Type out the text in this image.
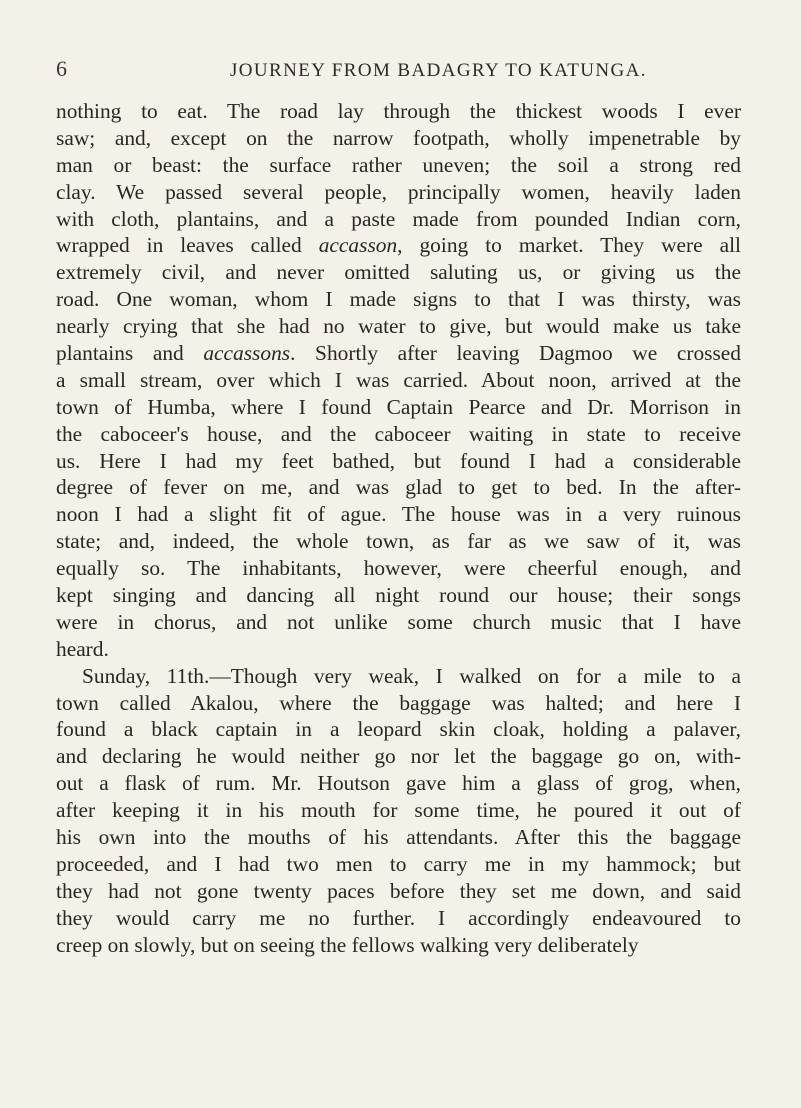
6	JOURNEY FROM BADAGRY TO KATUNGA.
nothing to eat. The road lay through the thickest woods I ever
saw; and, except on the narrow footpath, wholly impenetrable by
man or beast: the surface rather uneven; the soil a strong red
clay. We passed several people, principally women, heavily laden
with cloth, plantains, and a paste made from pounded Indian corn,
wrapped in leaves called accasson, going to market. They were all
extremely civil, and never omitted saluting us, or giving us the
road. One woman, whom I made signs to that I was thirsty, was
nearly crying that she had no water to give, but would make us take
plantains and accassons. Shortly after leaving Dagmoo we crossed
a small stream, over which I was carried. About noon, arrived at the
town of Humba, where I found Captain Pearce and Dr. Morrison in
the caboceer's house, and the caboceer waiting in state to receive
us. Here I had my feet bathed, but found I had a considerable
degree of fever on me, and was glad to get to bed. In the after-
noon I had a slight fit of ague. The house was in a very ruinous
state; and, indeed, the whole town, as far as we saw of it, was
equally so. The inhabitants, however, were cheerful enough, and
kept singing and dancing all night round our house; their songs
were in chorus, and not unlike some church music that I have
heard.
Sunday, 11th.—Though very weak, I walked on for a mile to a
town called Akalou, where the baggage was halted; and here I
found a black captain in a leopard skin cloak, holding a palaver,
and declaring he would neither go nor let the baggage go on, with-
out a flask of rum. Mr. Houtson gave him a glass of grog, when,
after keeping it in his mouth for some time, he poured it out of
his own into the mouths of his attendants. After this the baggage
proceeded, and I had two men to carry me in my hammock; but
they had not gone twenty paces before they set me down, and said
they would carry me no further. I accordingly endeavoured to
creep on slowly, but on seeing the fellows walking very deliberately
